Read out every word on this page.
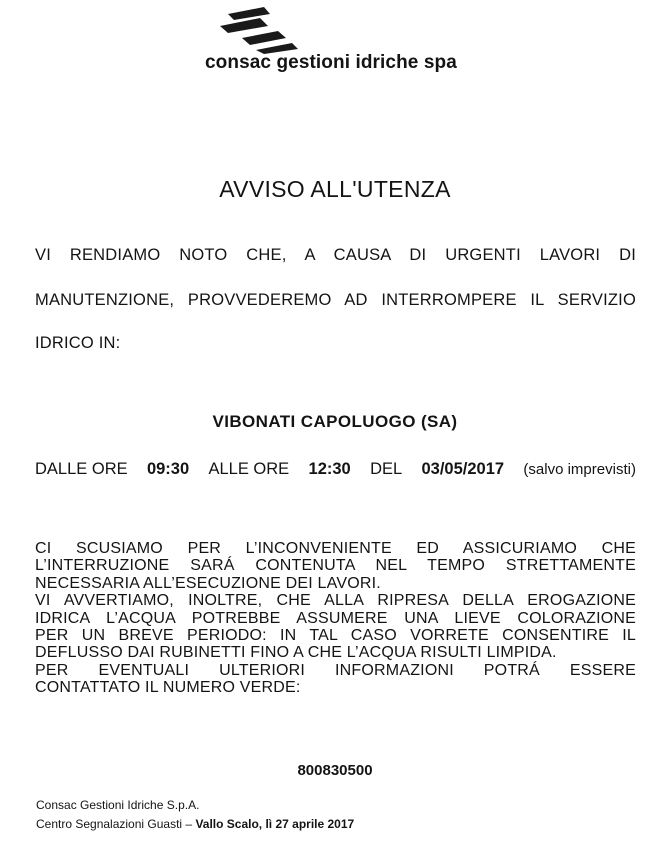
consac gestioni idriche spa
AVVISO ALL'UTENZA
VI RENDIAMO NOTO CHE, A CAUSA DI URGENTI LAVORI DI
MANUTENZIONE, PROVVEDEREMO AD INTERROMPERE IL SERVIZIO
IDRICO IN:
VIBONATI CAPOLUOGO (SA)
DALLE ORE 09:30 ALLE ORE 12:30 DEL 03/05/2017 (salvo imprevisti)
CI SCUSIAMO PER L’INCONVENIENTE ED ASSICURIAMO CHE
L’INTERRUZIONE SARÁ CONTENUTA NEL TEMPO STRETTAMENTE
NECESSARIA ALL’ESECUZIONE DEI LAVORI.
VI AVVERTIAMO, INOLTRE, CHE ALLA RIPRESA DELLA EROGAZIONE
IDRICA L’ACQUA POTREBBE ASSUMERE UNA LIEVE COLORAZIONE
PER UN BREVE PERIODO: IN TAL CASO VORRETE CONSENTIRE IL
DEFLUSSO DAI RUBINETTI FINO A CHE L’ACQUA RISULTI LIMPIDA.
PER EVENTUALI ULTERIORI INFORMAZIONI POTRÁ ESSERE
CONTATTATO IL NUMERO VERDE:
800830500
Consac Gestioni Idriche S.p.A.
Centro Segnalazioni Guasti – Vallo Scalo, lì 27 aprile 2017
